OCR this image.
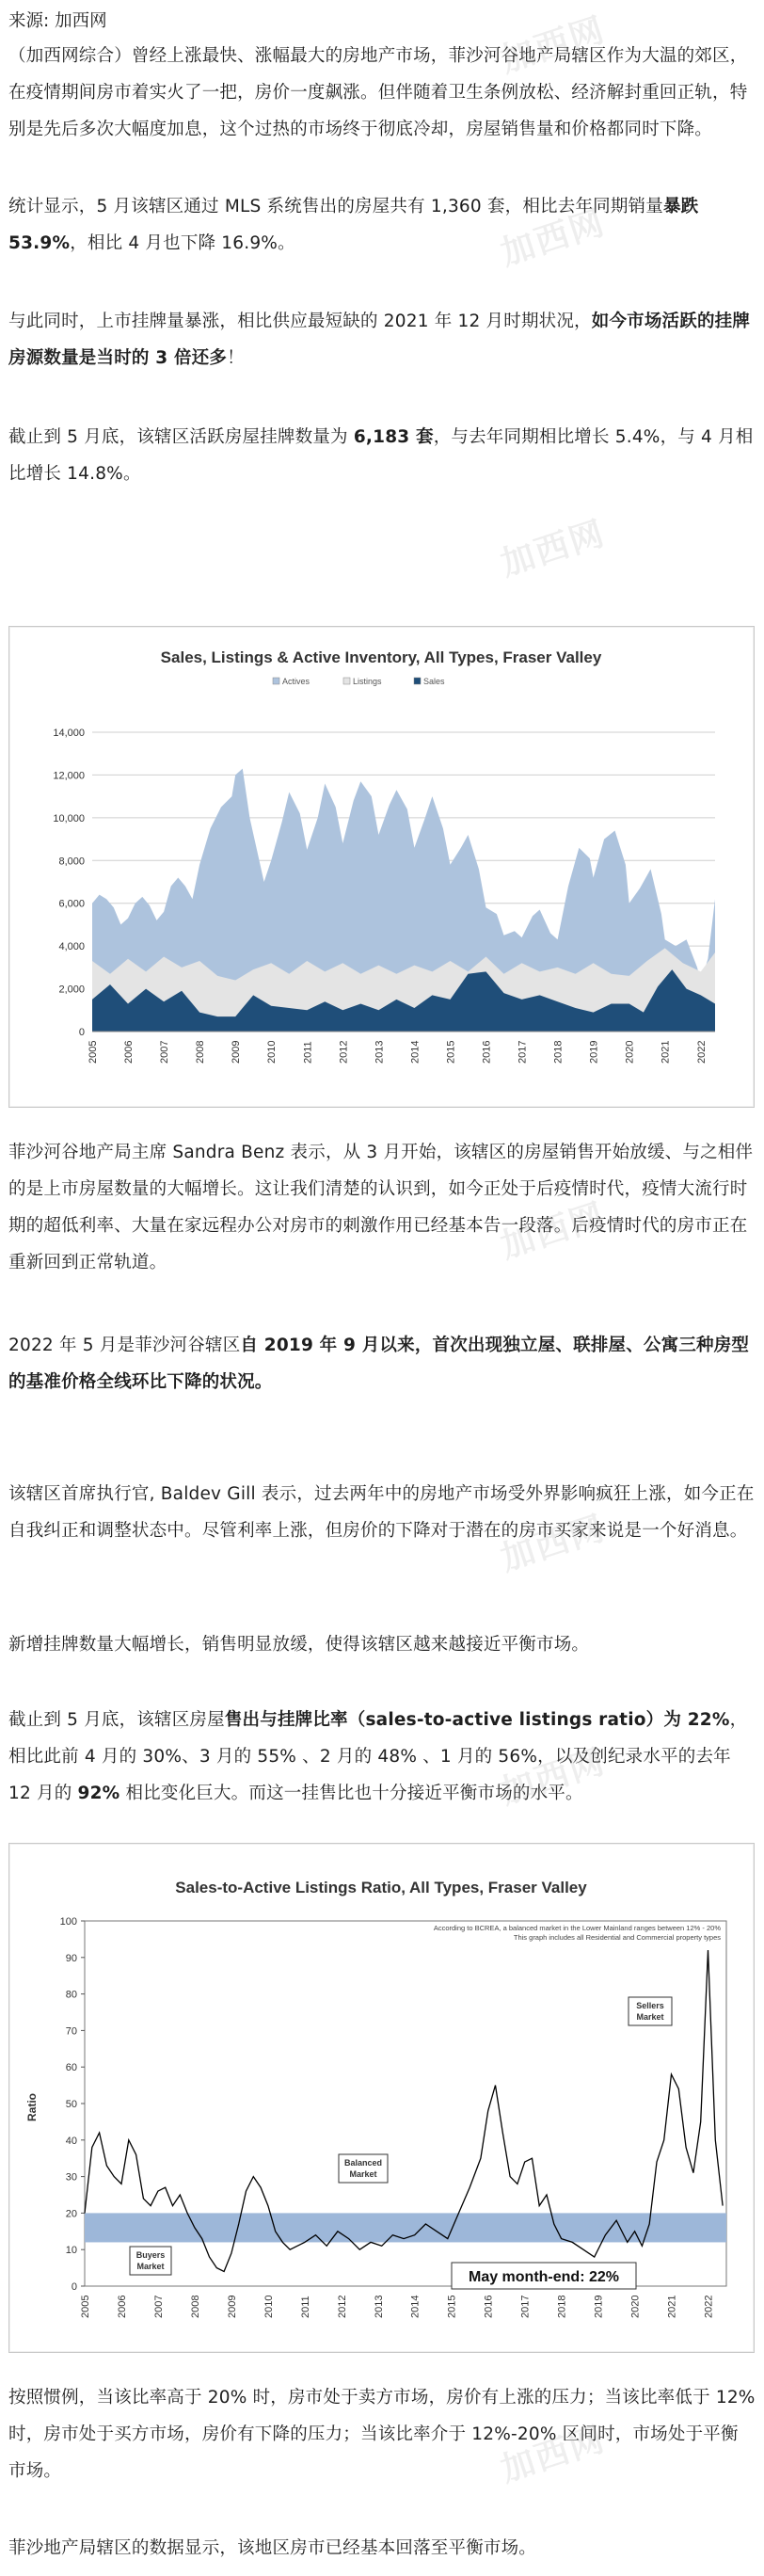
来源: 加西网
（加西网综合）曾经上涨最快、涨幅最大的房地产市场，菲沙河谷地产局辖区作为大温的郊区，在疫情期间房市着实火了一把，房价一度飙涨。但伴随着卫生条例放松、经济解封重回正轨，特别是先后多次大幅度加息，这个过热的市场终于彻底冷却，房屋销售量和价格都同时下降。
统计显示，5 月该辖区通过 MLS 系统售出的房屋共有 1,360 套，相比去年同期销量暴跌 53.9%，相比 4 月也下降 16.9%。
与此同时，上市挂牌量暴涨，相比供应最短缺的 2021 年 12 月时期状况，如今市场活跃的挂牌房源数量是当时的 3 倍还多！
截止到 5 月底，该辖区活跃房屋挂牌数量为 6,183 套，与去年同期相比增长 5.4%，与 4 月相比增长 14.8%。
Sales, Listings & Active Inventory, All Types, Fraser Valley
Actives	Listings	Sales
0
2,000
4,000
6,000
8,000
10,000
12,000
14,000
2005 2006 2007 2008 2009 2010 2011 2012 2013 2014 2015 2016 2017 2018 2019 2020 2021 2022
菲沙河谷地产局主席 Sandra Benz 表示，从 3 月开始，该辖区的房屋销售开始放缓、与之相伴的是上市房屋数量的大幅增长。这让我们清楚的认识到，如今正处于后疫情时代，疫情大流行时期的超低利率、大量在家远程办公对房市的刺激作用已经基本告一段落。后疫情时代的房市正在重新回到正常轨道。
2022 年 5 月是菲沙河谷辖区自 2019 年 9 月以来，首次出现独立屋、联排屋、公寓三种房型的基准价格全线环比下降的状况。
该辖区首席执行官, Baldev Gill 表示，过去两年中的房地产市场受外界影响疯狂上涨，如今正在自我纠正和调整状态中。尽管利率上涨，但房价的下降对于潜在的房市买家来说是一个好消息。
新增挂牌数量大幅增长，销售明显放缓，使得该辖区越来越接近平衡市场。
截止到 5 月底，该辖区房屋售出与挂牌比率（sales-to-active listings ratio）为 22%，相比此前 4 月的 30%、3 月的 55% 、2 月的 48% 、1 月的 56%，以及创纪录水平的去年 12 月的 92% 相比变化巨大。而这一挂售比也十分接近平衡市场的水平。
Sales-to-Active Listings Ratio, All Types, Fraser Valley
0
10
20
30
40
50
60
70
80
90
100
Ratio
According to BCREA, a balanced market in the Lower Mainland ranges between 12% - 20%
This graph includes all Residential and Commercial property types
Sellers
Market
Balanced
Market
Buyers
Market
May month-end: 22%
2005 2006 2007 2008 2009 2010 2011 2012 2013 2014 2015 2016 2017 2018 2019 2020 2021 2022
按照惯例，当该比率高于 20% 时，房市处于卖方市场，房价有上涨的压力；当该比率低于 12% 时，房市处于买方市场，房价有下降的压力；当该比率介于 12%-20% 区间时，市场处于平衡市场。
菲沙地产局辖区的数据显示，该地区房市已经基本回落至平衡市场。
加西网
加西网
加西网
加西网
加西网
加西网
加西网
